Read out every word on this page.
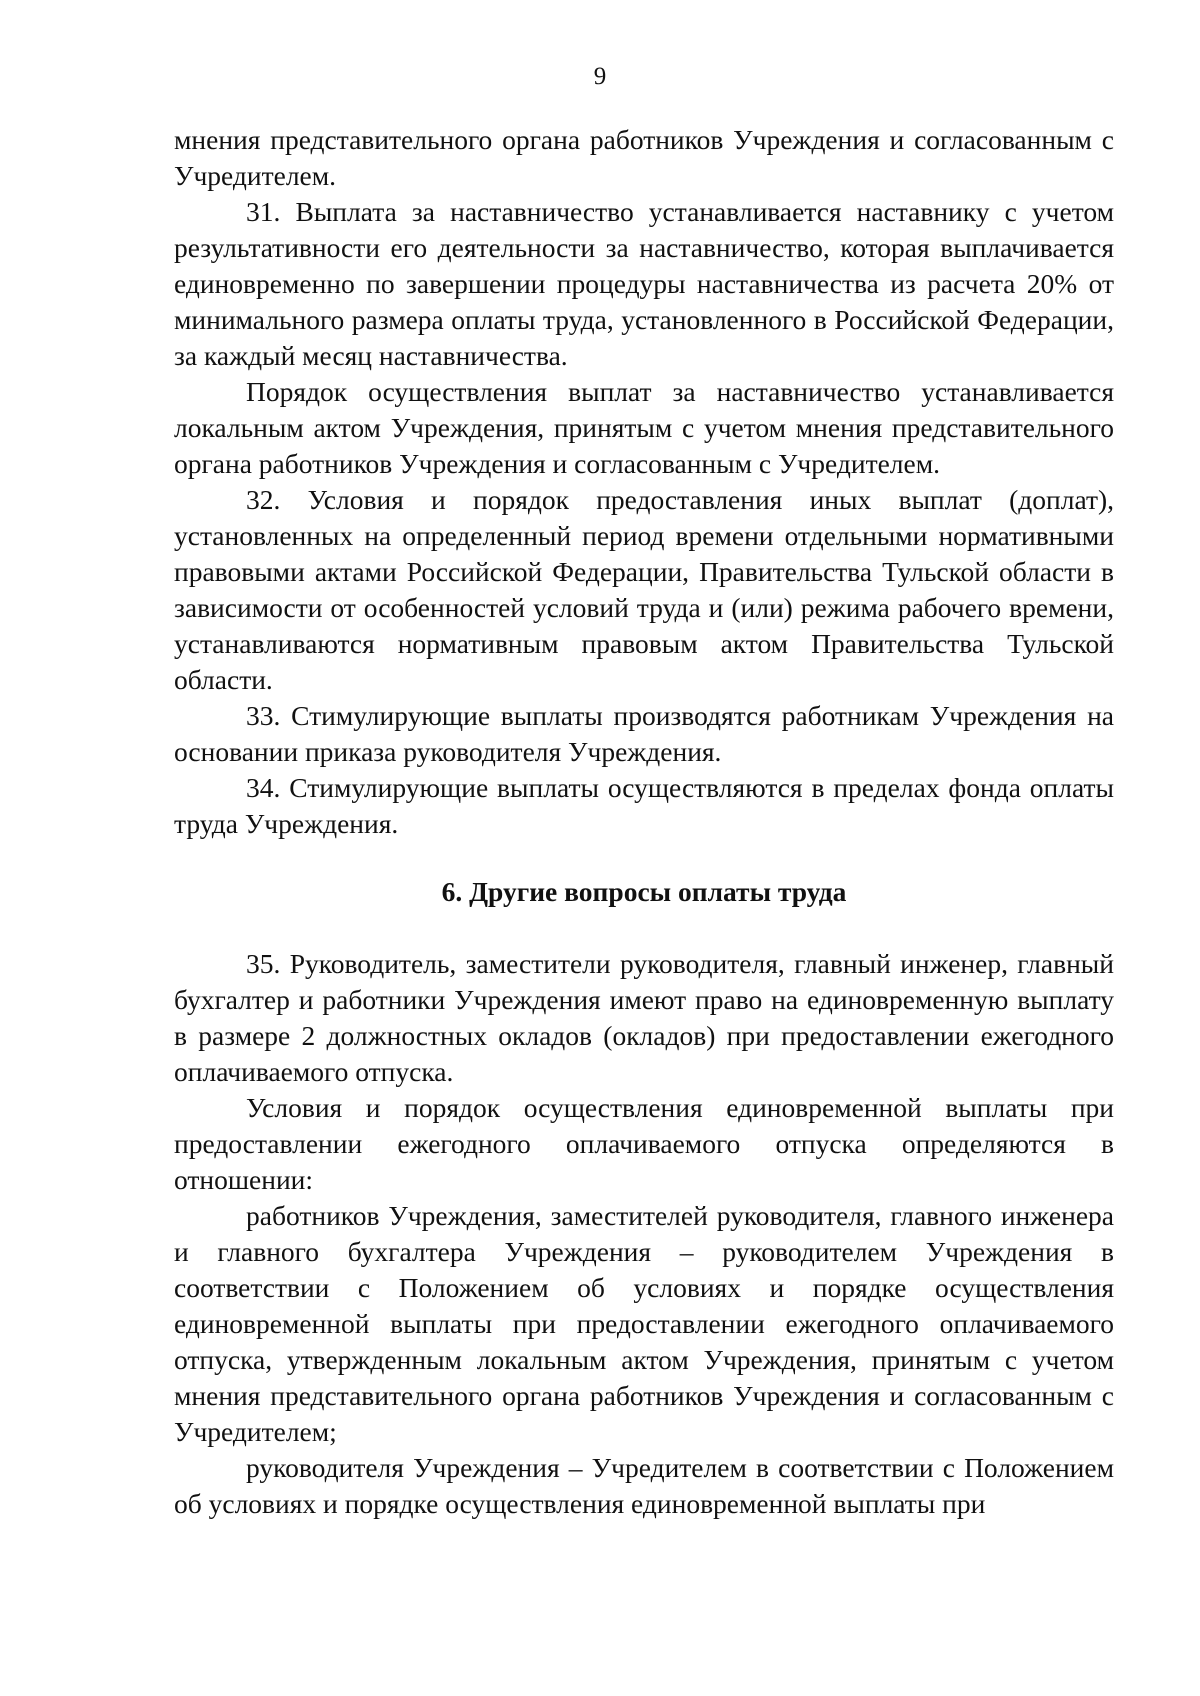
9

мнения представительного органа работников Учреждения и согласованным с Учредителем.

31. Выплата за наставничество устанавливается наставнику с учетом результативности его деятельности за наставничество, которая выплачивается единовременно по завершении процедуры наставничества из расчета 20% от минимального размера оплаты труда, установленного в Российской Федерации, за каждый месяц наставничества.

Порядок осуществления выплат за наставничество устанавливается локальным актом Учреждения, принятым с учетом мнения представительного органа работников Учреждения и согласованным с Учредителем.

32. Условия и порядок предоставления иных выплат (доплат), установленных на определенный период времени отдельными нормативными правовыми актами Российской Федерации, Правительства Тульской области в зависимости от особенностей условий труда и (или) режима рабочего времени, устанавливаются нормативным правовым актом Правительства Тульской области.

33. Стимулирующие выплаты производятся работникам Учреждения на основании приказа руководителя Учреждения.

34. Стимулирующие выплаты осуществляются в пределах фонда оплаты труда Учреждения.

6. Другие вопросы оплаты труда

35. Руководитель, заместители руководителя, главный инженер, главный бухгалтер и работники Учреждения имеют право на единовременную выплату в размере 2 должностных окладов (окладов) при предоставлении ежегодного оплачиваемого отпуска.

Условия и порядок осуществления единовременной выплаты при предоставлении ежегодного оплачиваемого отпуска определяются в отношении:

работников Учреждения, заместителей руководителя, главного инженера и главного бухгалтера Учреждения – руководителем Учреждения в соответствии с Положением об условиях и порядке осуществления единовременной выплаты при предоставлении ежегодного оплачиваемого отпуска, утвержденным локальным актом Учреждения, принятым с учетом мнения представительного органа работников Учреждения и согласованным с Учредителем;

руководителя Учреждения – Учредителем в соответствии с Положением об условиях и порядке осуществления единовременной выплаты при
